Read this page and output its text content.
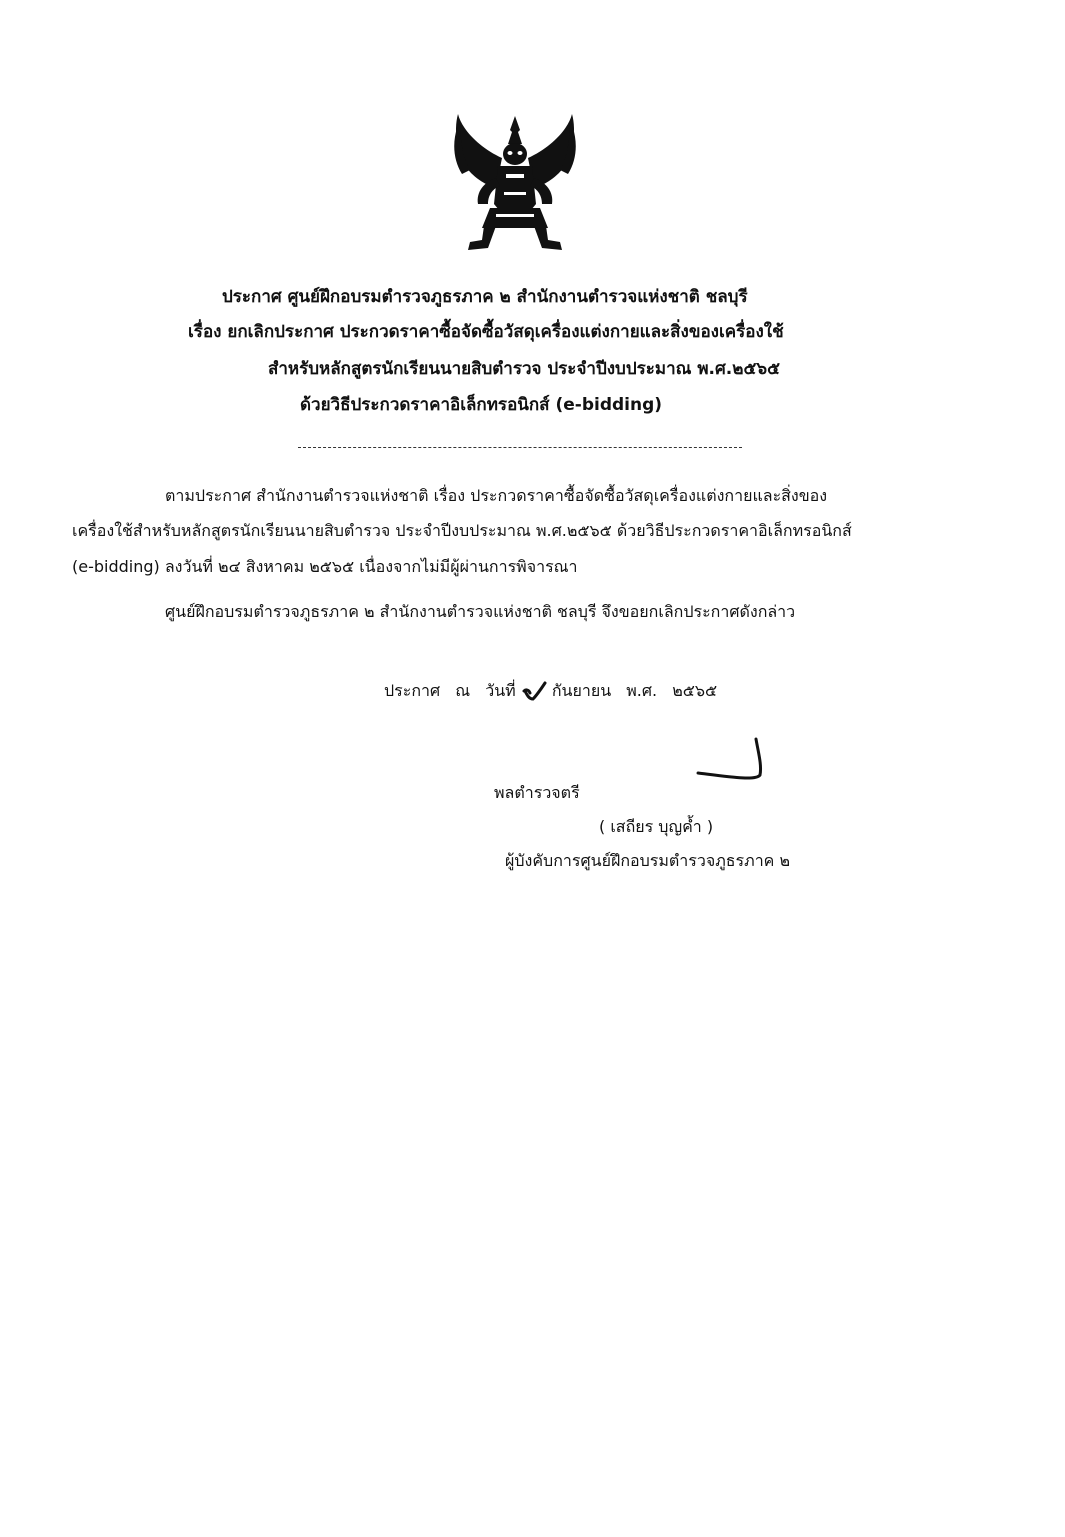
ประกาศ ศูนย์ฝึกอบรมตำรวจภูธรภาค ๒ สำนักงานตำรวจแห่งชาติ ชลบุรี
เรื่อง ยกเลิกประกาศ ประกวดราคาซื้อจัดซื้อวัสดุเครื่องแต่งกายและสิ่งของเครื่องใช้
สำหรับหลักสูตรนักเรียนนายสิบตำรวจ ประจำปีงบประมาณ พ.ศ.๒๕๖๕
ด้วยวิธีประกวดราคาอิเล็กทรอนิกส์ (e-bidding)
ตามประกาศ สำนักงานตำรวจแห่งชาติ เรื่อง ประกวดราคาซื้อจัดซื้อวัสดุเครื่องแต่งกายและสิ่งของ
เครื่องใช้สำหรับหลักสูตรนักเรียนนายสิบตำรวจ ประจำปีงบประมาณ พ.ศ.๒๕๖๕ ด้วยวิธีประกวดราคาอิเล็กทรอนิกส์
(e-bidding) ลงวันที่ ๒๔ สิงหาคม ๒๕๖๕ เนื่องจากไม่มีผู้ผ่านการพิจารณา
ศูนย์ฝึกอบรมตำรวจภูธรภาค ๒ สำนักงานตำรวจแห่งชาติ ชลบุรี จึงขอยกเลิกประกาศดังกล่าว
ประกาศ ณ วันที่ กันยายน พ.ศ. ๒๕๖๕
พลตำรวจตรี
( เสถียร บุญค้ำ )
ผู้บังคับการศูนย์ฝึกอบรมตำรวจภูธรภาค ๒
